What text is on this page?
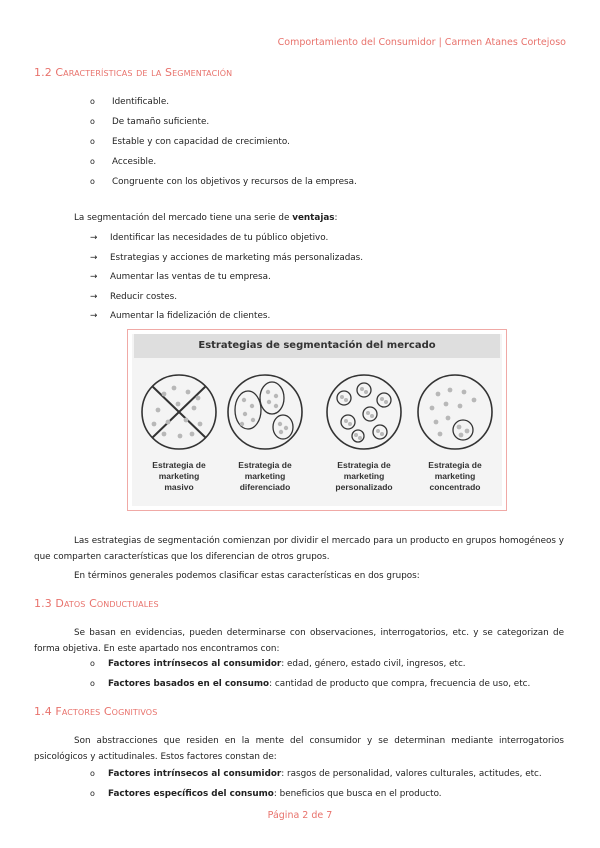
Comportamiento del Consumidor | Carmen Atanes Cortejoso
1.2 Características de la Segmentación
o	Identificable.
o	De tamaño suficiente.
o	Estable y con capacidad de crecimiento.
o	Accesible.
o	Congruente con los objetivos y recursos de la empresa.
La segmentación del mercado tiene una serie de ventajas:
→	Identificar las necesidades de tu público objetivo.
→	Estrategias y acciones de marketing más personalizadas.
→	Aumentar las ventas de tu empresa.
→	Reducir costes.
→	Aumentar la fidelización de clientes.
Estrategias de segmentación del mercado
Estrategia de
marketing
masivo
Estrategia de
marketing
diferenciado
Estrategia de
marketing
personalizado
Estrategia de
marketing
concentrado
Las estrategias de segmentación comienzan por dividir el mercado para un producto en grupos homogéneos y que comparten características que los diferencian de otros grupos.
En términos generales podemos clasificar estas características en dos grupos:
1.3 Datos Conductuales
Se basan en evidencias, pueden determinarse con observaciones, interrogatorios, etc. y se categorizan de forma objetiva. En este apartado nos encontramos con:
o	Factores intrínsecos al consumidor: edad, género, estado civil, ingresos, etc.
o	Factores basados en el consumo: cantidad de producto que compra, frecuencia de uso, etc.
1.4 Factores Cognitivos
Son abstracciones que residen en la mente del consumidor y se determinan mediante interrogatorios psicológicos y actitudinales. Estos factores constan de:
o	Factores intrínsecos al consumidor: rasgos de personalidad, valores culturales, actitudes, etc.
o	Factores específicos del consumo: beneficios que busca en el producto.
Página 2 de 7
